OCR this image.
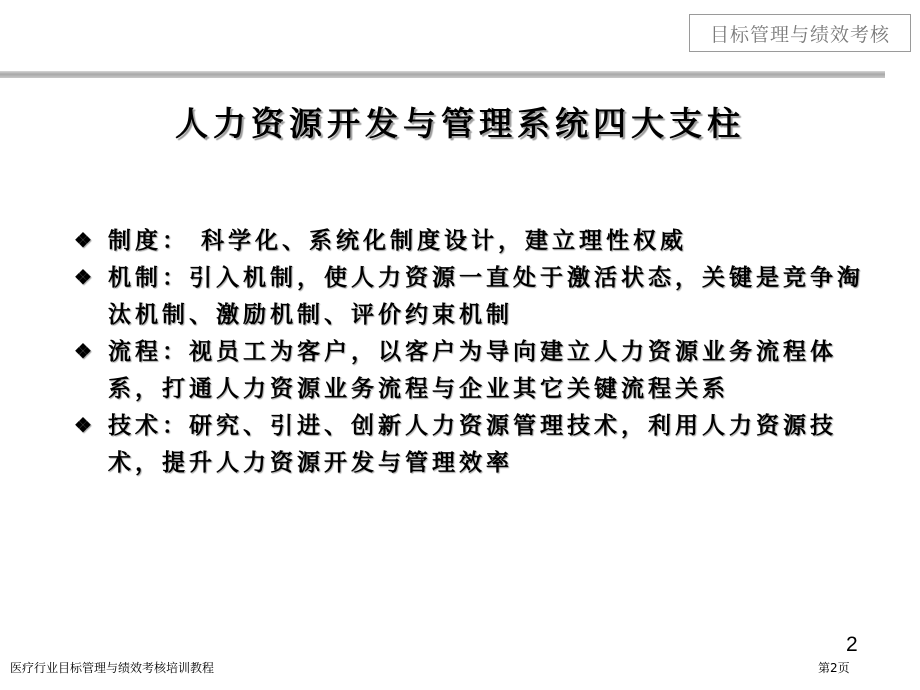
目标管理与绩效考核
人力资源开发与管理系统四大支柱
❖ 制度： 科学化、系统化制度设计，建立理性权威
❖ 机制：引入机制，使人力资源一直处于激活状态，关键是竞争淘汰机制、激励机制、评价约束机制
❖ 流程：视员工为客户，以客户为导向建立人力资源业务流程体系，打通人力资源业务流程与企业其它关键流程关系
❖ 技术：研究、引进、创新人力资源管理技术，利用人力资源技术，提升人力资源开发与管理效率
2
医疗行业目标管理与绩效考核培训教程	第2页
